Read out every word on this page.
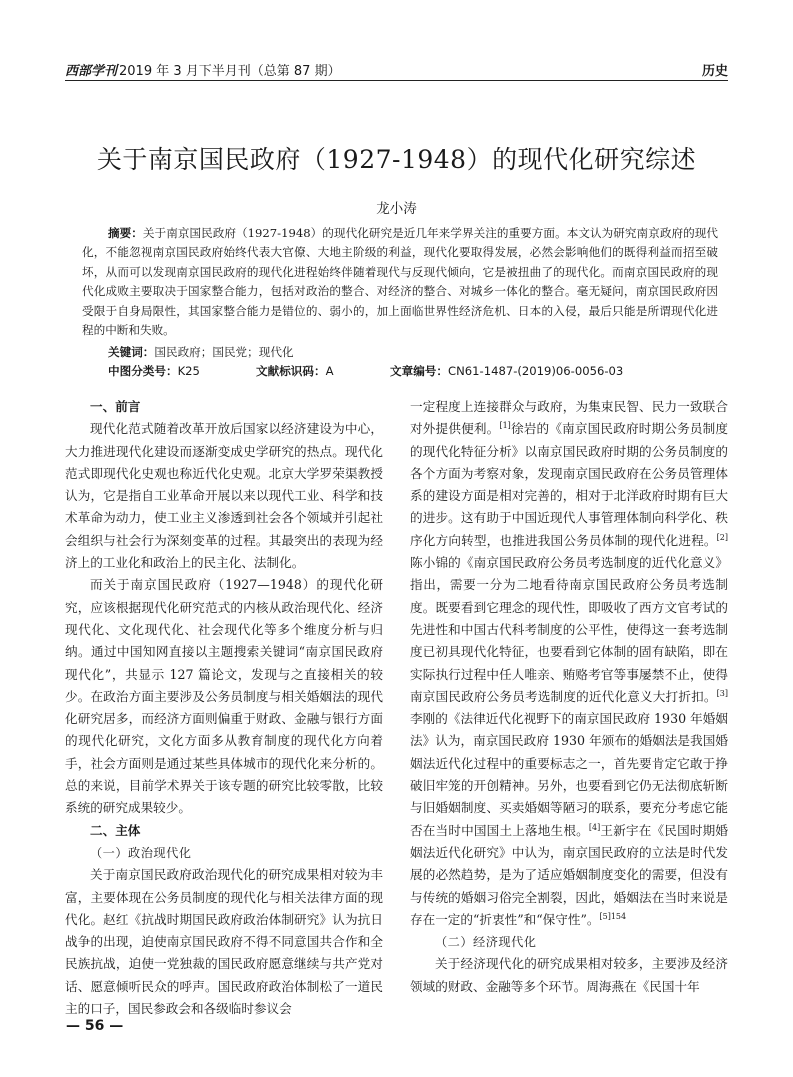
西部学刊 2019 年 3 月下半月刊（总第 87 期）	历史
关于南京国民政府（1927-1948）的现代化研究综述
龙小涛
摘要：关于南京国民政府（1927-1948）的现代化研究是近几年来学界关注的重要方面。本文认为研究南京政府的现代化，不能忽视南京国民政府始终代表大官僚、大地主阶级的利益，现代化要取得发展，必然会影响他们的既得利益而招至破坏，从而可以发现南京国民政府的现代化进程始终伴随着现代与反现代倾向，它是被扭曲了的现代化。而南京国民政府的现代化成败主要取决于国家整合能力，包括对政治的整合、对经济的整合、对城乡一体化的整合。毫无疑问，南京国民政府因受限于自身局限性，其国家整合能力是错位的、弱小的，加上面临世界性经济危机、日本的入侵，最后只能是所谓现代化进程的中断和失败。
关键词：国民政府；国民党；现代化
中图分类号：K25	文献标识码：A	文章编号：CN61-1487-(2019)06-0056-03
一、前言

现代化范式随着改革开放后国家以经济建设为中心，大力推进现代化建设而逐渐变成史学研究的热点。现代化范式即现代化史观也称近代化史观。北京大学罗荣渠教授认为，它是指自工业革命开展以来以现代工业、科学和技术革命为动力，使工业主义渗透到社会各个领域并引起社会组织与社会行为深刻变革的过程。其最突出的表现为经济上的工业化和政治上的民主化、法制化。

而关于南京国民政府（1927—1948）的现代化研究，应该根据现代化研究范式的内核从政治现代化、经济现代化、文化现代化、社会现代化等多个维度分析与归纳。通过中国知网直接以主题搜索关键词“南京国民政府现代化”，共显示 127 篇论文，发现与之直接相关的较少。在政治方面主要涉及公务员制度与相关婚姻法的现代化研究居多，而经济方面则偏重于财政、金融与银行方面的现代化研究，文化方面多从教育制度的现代化方向着手，社会方面则是通过某些具体城市的现代化来分析的。总的来说，目前学术界关于该专题的研究比较零散，比较系统的研究成果较少。

二、主体
（一）政治现代化

关于南京国民政府政治现代化的研究成果相对较为丰富，主要体现在公务员制度的现代化与相关法律方面的现代化。赵红《抗战时期国民政府政治体制研究》认为抗日战争的出现，迫使南京国民政府不得不同意国共合作和全民族抗战，迫使一党独裁的国民政府愿意继续与共产党对话、愿意倾听民众的呼声。国民政府政治体制松了一道民主的口子，国民参政会和各级临时参议会

一定程度上连接群众与政府，为集束民智、民力一致联合对外提供便利。[1]徐岩的《南京国民政府时期公务员制度的现代化特征分析》以南京国民政府时期的公务员制度的各个方面为考察对象，发现南京国民政府在公务员管理体系的建设方面是相对完善的，相对于北洋政府时期有巨大的进步。这有助于中国近现代人事管理体制向科学化、秩序化方向转型，也推进我国公务员体制的现代化进程。[2]陈小锦的《南京国民政府公务员考选制度的近代化意义》指出，需要一分为二地看待南京国民政府公务员考选制度。既要看到它理念的现代性，即吸收了西方文官考试的先进性和中国古代科考制度的公平性，使得这一套考选制度已初具现代化特征，也要看到它体制的固有缺陷，即在实际执行过程中任人唯亲、贿赂考官等事屡禁不止，使得南京国民政府公务员考选制度的近代化意义大打折扣。[3]李刚的《法律近代化视野下的南京国民政府 1930 年婚姻法》认为，南京国民政府 1930 年颁布的婚姻法是我国婚姻法近代化过程中的重要标志之一，首先要肯定它敢于挣破旧牢笼的开创精神。另外，也要看到它仍无法彻底斩断与旧婚姻制度、买卖婚姻等陋习的联系，要充分考虑它能否在当时中国国土上落地生根。[4]王新宇在《民国时期婚姻法近代化研究》中认为，南京国民政府的立法是时代发展的必然趋势，是为了适应婚姻制度变化的需要，但没有与传统的婚姻习俗完全割裂，因此，婚姻法在当时来说是存在一定的“折衷性”和“保守性”。$^{[5]154}$

（二）经济现代化

关于经济现代化的研究成果相对较多，主要涉及经济领域的财政、金融等多个环节。周海燕在《民国十年

— 56 —
